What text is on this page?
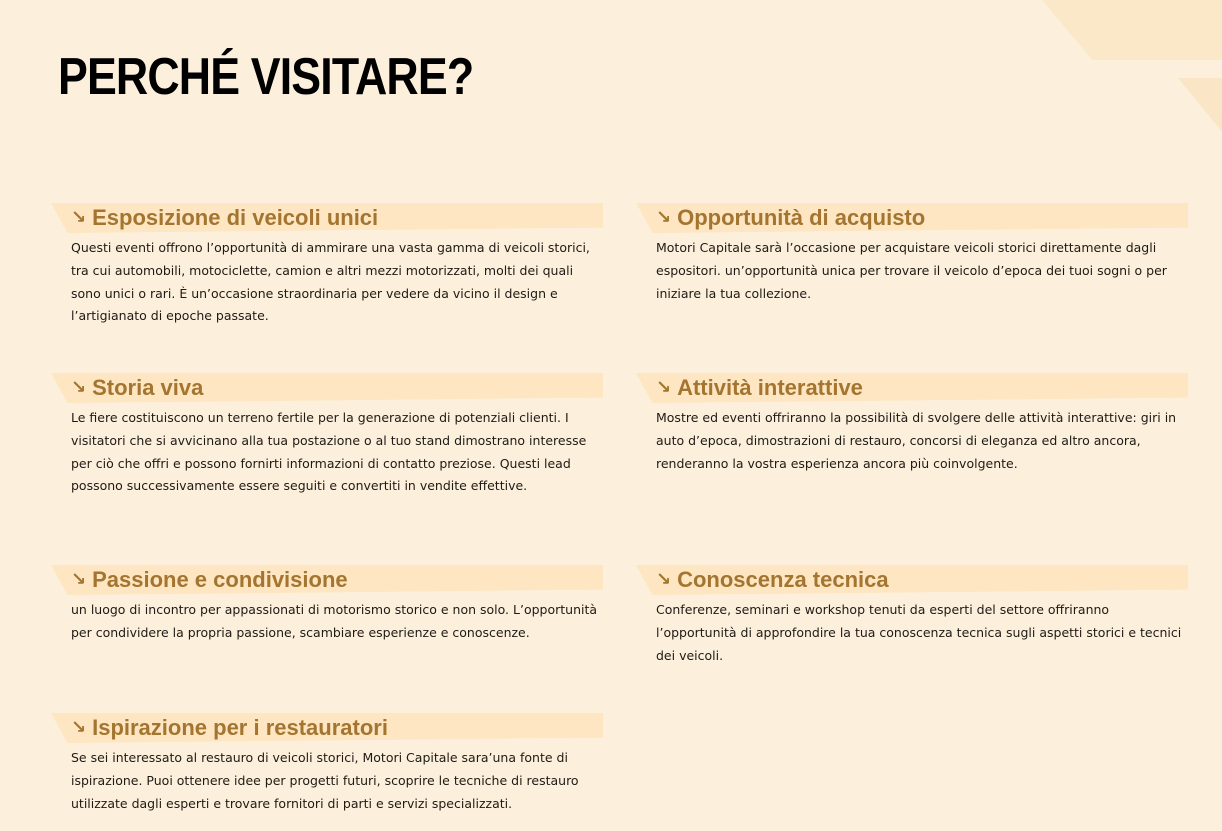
PERCHÉ VISITARE?
↘ Esposizione di veicoli unici

Questi eventi offrono l’opportunità di ammirare una vasta gamma di veicoli storici, tra cui automobili, motociclette, camion e altri mezzi motorizzati, molti dei quali sono unici o rari. È un’occasione straordinaria per vedere da vicino il design e l’artigianato di epoche passate.

↘ Opportunità di acquisto

Motori Capitale sarà l’occasione per acquistare veicoli storici direttamente dagli espositori. un’opportunità unica per trovare il veicolo d’epoca dei tuoi sogni o per iniziare la tua collezione.

↘ Storia viva

Le fiere costituiscono un terreno fertile per la generazione di potenziali clienti. I visitatori che si avvicinano alla tua postazione o al tuo stand dimostrano interesse per ciò che offri e possono fornirti informazioni di contatto preziose. Questi lead possono successivamente essere seguiti e convertiti in vendite effettive.

↘ Attività interattive

Mostre ed eventi offriranno la possibilità di svolgere delle attività interattive: giri in auto d’epoca, dimostrazioni di restauro, concorsi di eleganza ed altro ancora, renderanno la vostra esperienza ancora più coinvolgente.

↘ Passione e condivisione

un luogo di incontro per appassionati di motorismo storico e non solo. L’opportunità per condividere la propria passione, scambiare esperienze e conoscenze.

↘ Conoscenza tecnica

Conferenze, seminari e workshop tenuti da esperti del settore offriranno l’opportunità di approfondire la tua conoscenza tecnica sugli aspetti storici e tecnici dei veicoli.

↘ Ispirazione per i restauratori

Se sei interessato al restauro di veicoli storici, Motori Capitale sara’una fonte di ispirazione. Puoi ottenere idee per progetti futuri, scoprire le tecniche di restauro utilizzate dagli esperti e trovare fornitori di parti e servizi specializzati.
